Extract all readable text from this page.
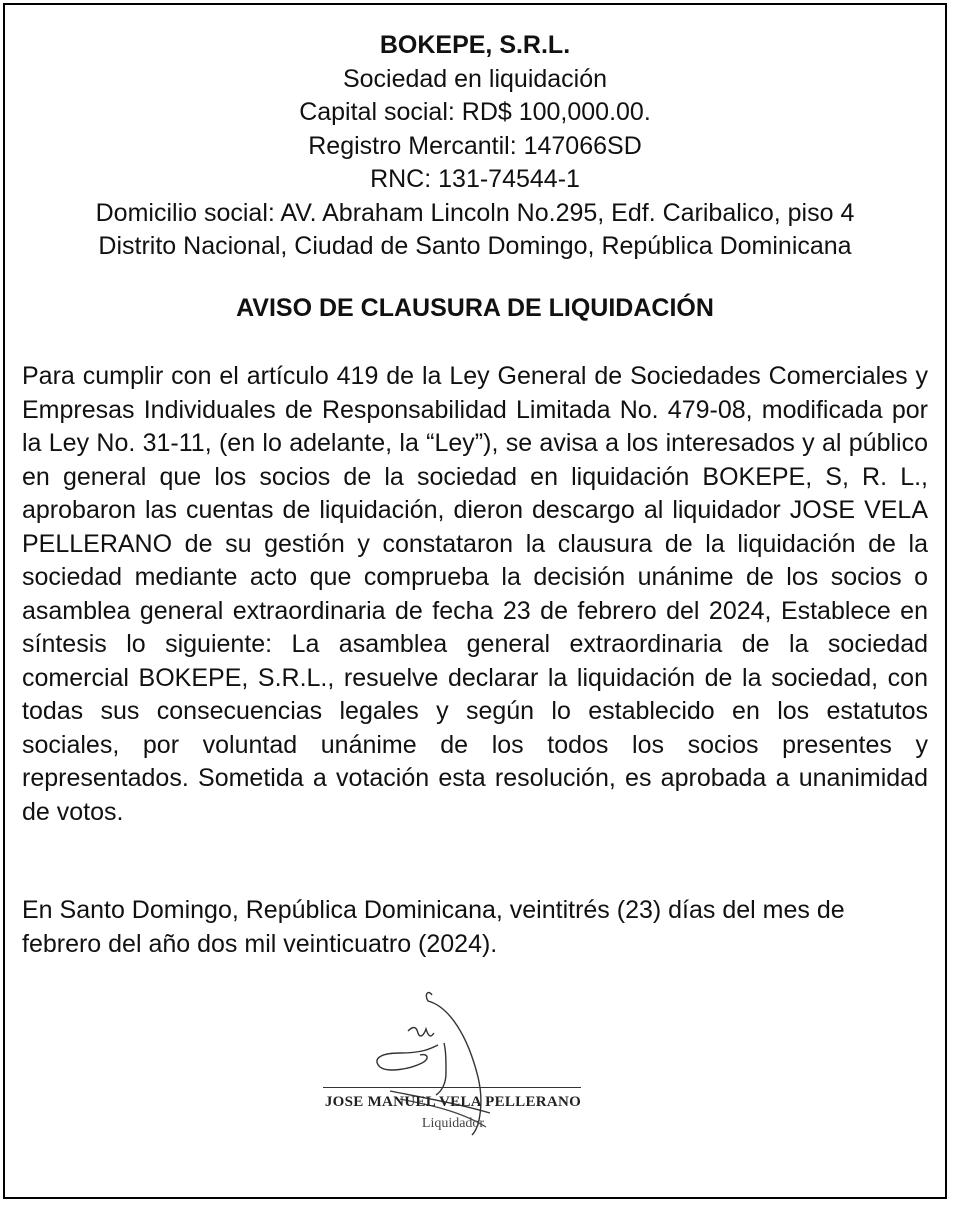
BOKEPE, S.R.L.
Sociedad en liquidación
Capital social: RD$ 100,000.00.
Registro Mercantil: 147066SD
RNC: 131-74544-1
Domicilio social: AV. Abraham Lincoln No.295, Edf. Caribalico, piso 4
Distrito Nacional, Ciudad de Santo Domingo, República Dominicana
AVISO DE CLAUSURA DE LIQUIDACIÓN

Para cumplir con el artículo 419 de la Ley General de Sociedades Comerciales y Empresas Individuales de Responsabilidad Limitada No. 479-08, modificada por la Ley No. 31-11, (en lo adelante, la “Ley”), se avisa a los interesados y al público en general que los socios de la sociedad en liquidación BOKEPE, S, R. L., aprobaron las cuentas de liquidación, dieron descargo al liquidador JOSE VELA PELLERANO de su gestión y constataron la clausura de la liquidación de la sociedad mediante acto que comprueba la decisión unánime de los socios o asamblea general extraordinaria de fecha 23 de febrero del 2024, Establece en síntesis lo siguiente: La asamblea general extraordinaria de la sociedad comercial BOKEPE, S.R.L., resuelve declarar la liquidación de la sociedad, con todas sus consecuencias legales y según lo establecido en los estatutos sociales, por voluntad unánime de los todos los socios presentes y representados. Sometida a votación esta resolución, es aprobada a unanimidad de votos.

En Santo Domingo, República Dominicana, veintitrés (23) días del mes de febrero del año dos mil veinticuatro (2024).

JOSE MANUEL VELA PELLERANO
Liquidador
